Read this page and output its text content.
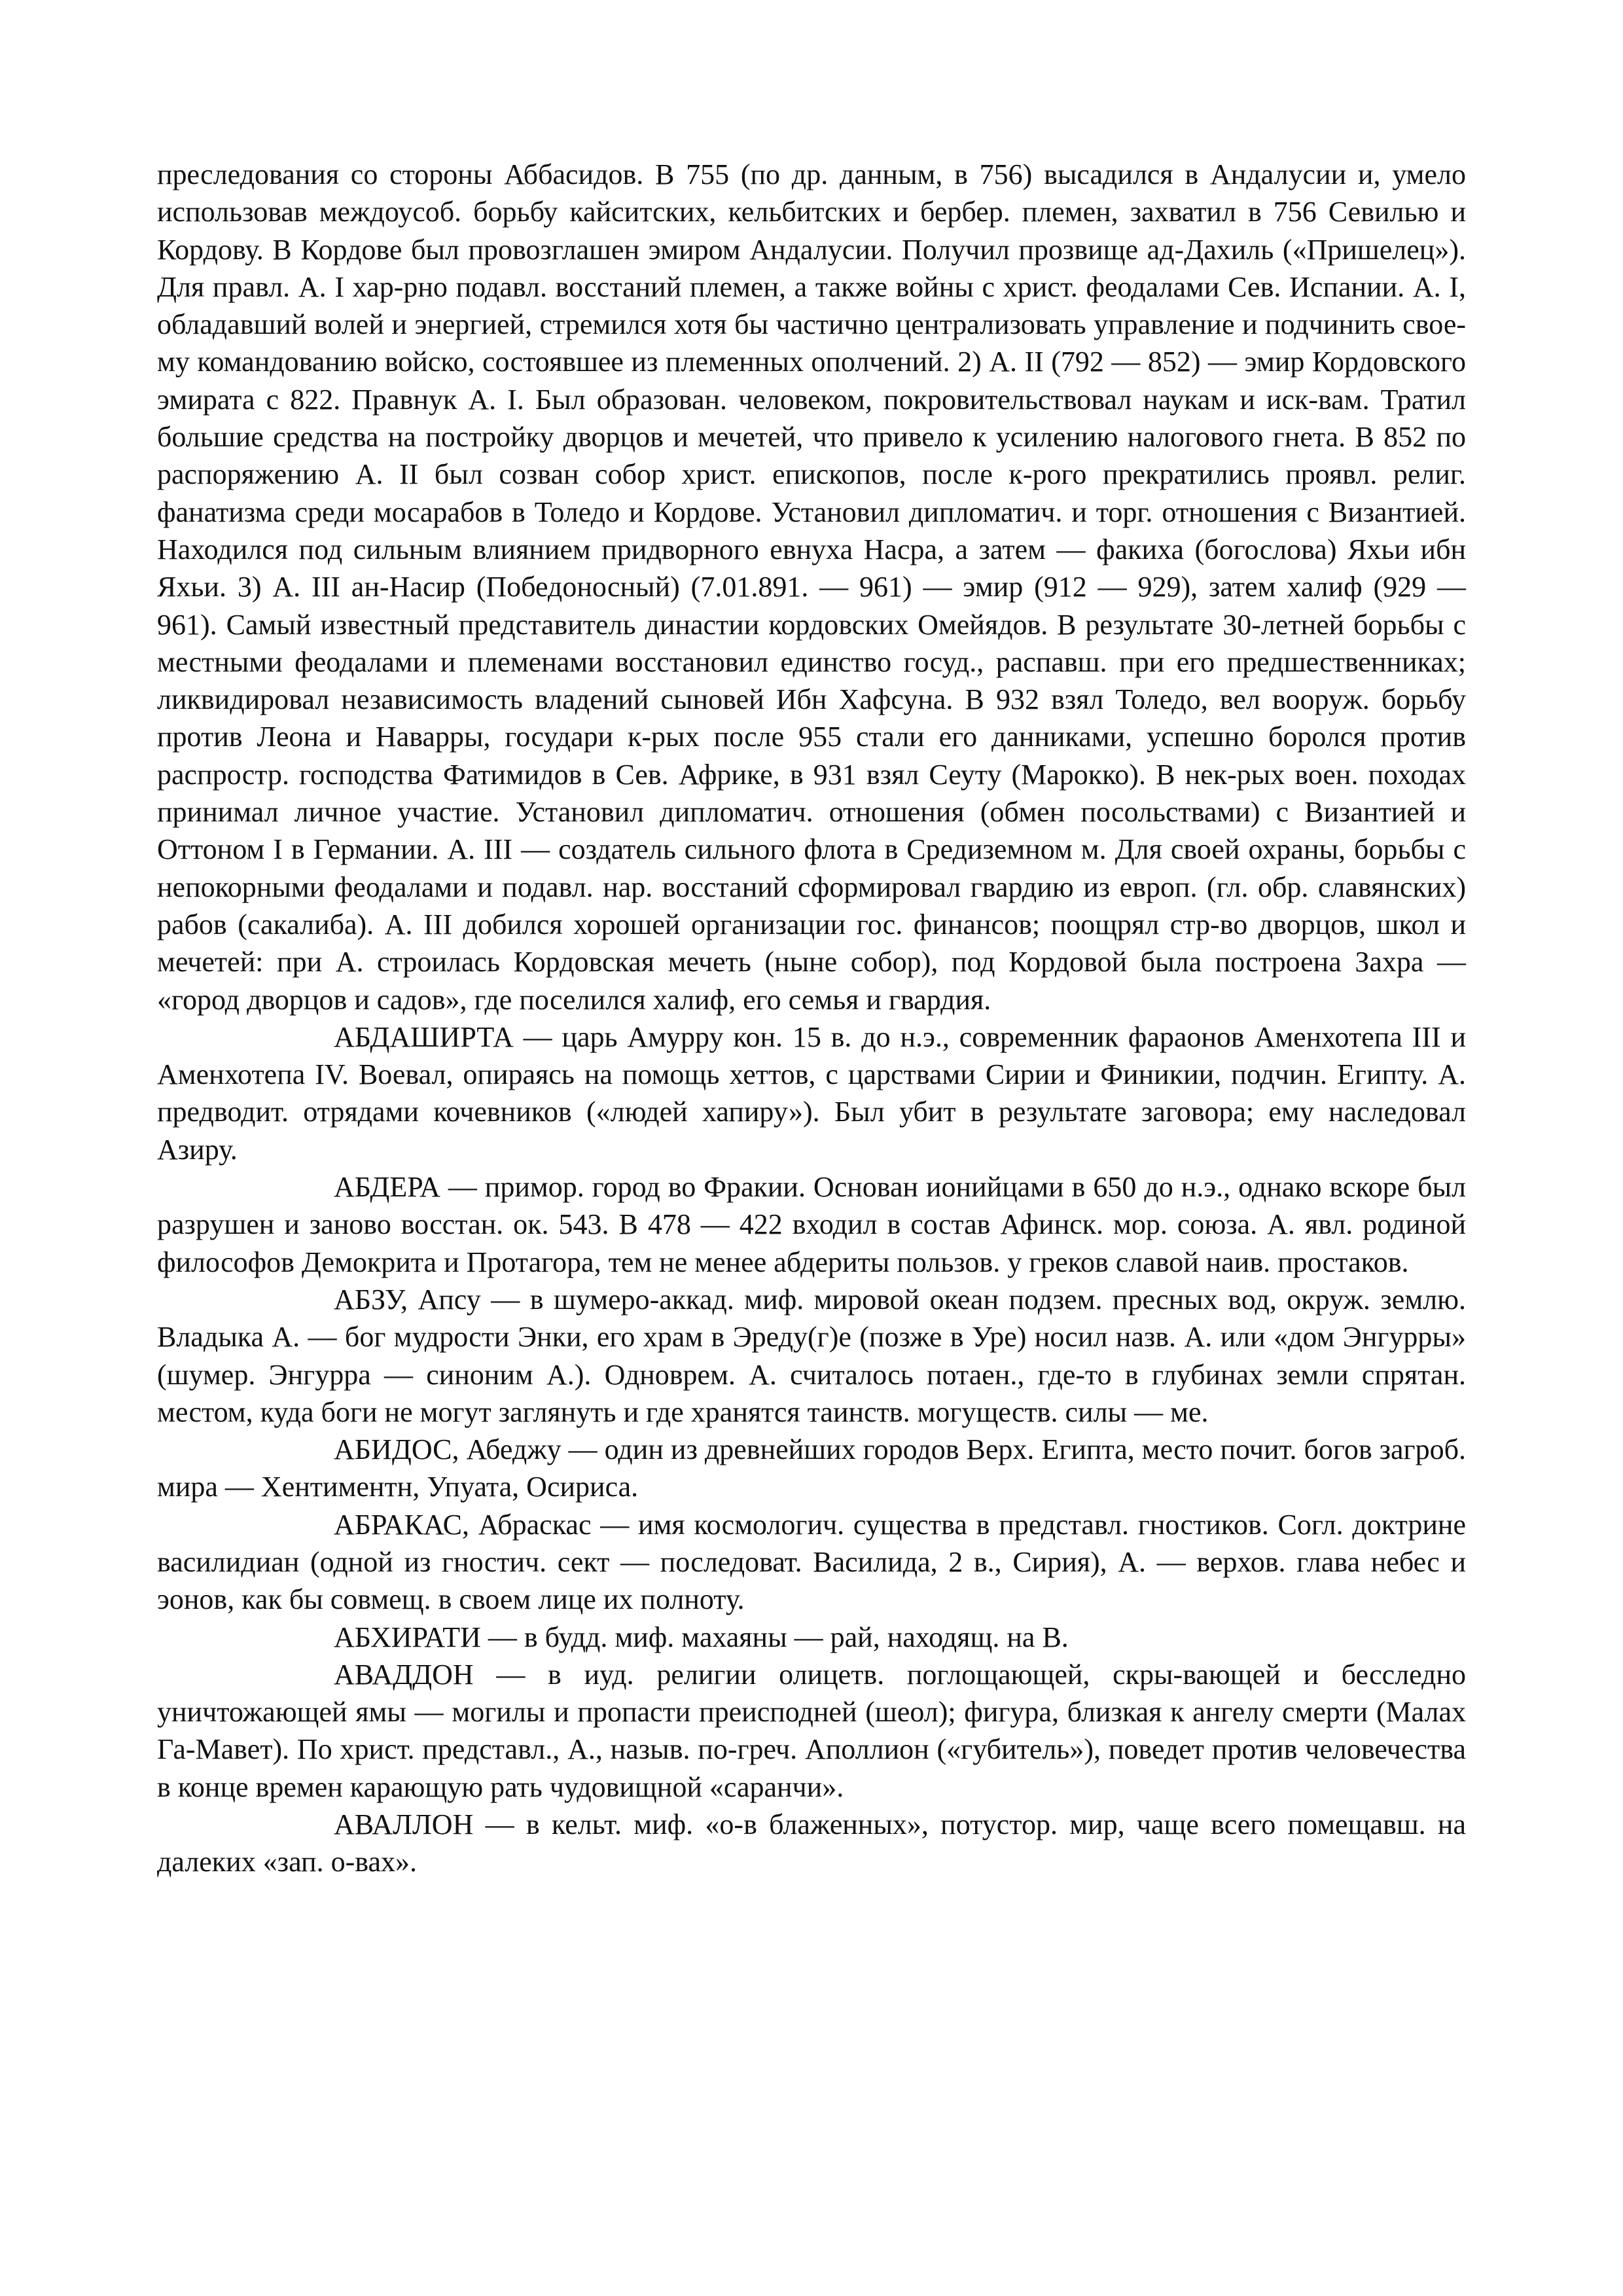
преследования со стороны Аббасидов. В 755 (по др. данным, в 756) высадился в Андалусии и, умело использовав междоусоб. борьбу кайситских, кельбитских и бербер. племен, захватил в 756 Севилью и Кордову. В Кордове был провозглашен эмиром Андалусии. Получил прозвище ад-Дахиль («Пришелец»). Для правл. А. I хар-рно подавл. восстаний племен, а также войны с христ. феодалами Сев. Испании. А. I, обладавший волей и энергией, стремился хотя бы частично централизовать управление и подчинить свое-му командованию войско, состоявшее из племенных ополчений. 2) А. II (792 — 852) — эмир Кордовского эмирата с 822. Правнук А. I. Был образован. человеком, покровительствовал наукам и иск-вам. Тратил большие средства на постройку дворцов и мечетей, что привело к усилению налогового гнета. В 852 по распоряжению А. II был созван собор христ. епископов, после к-рого прекратились проявл. религ. фанатизма среди мосарабов в Толедо и Кордове. Установил дипломатич. и торг. отношения с Византией. Находился под сильным влиянием придворного евнуха Насра, а затем — факиха (богослова) Яхьи ибн Яхьи. 3) А. III ан-Насир (Победоносный) (7.01.891. — 961) — эмир (912 — 929), затем халиф (929 — 961). Самый известный представитель династии кордовских Омейядов. В результате 30-летней борьбы с местными феодалами и племенами восстановил единство госуд., распавш. при его предшественниках; ликвидировал независимость владений сыновей Ибн Хафсуна. В 932 взял Толедо, вел вооруж. борьбу против Леона и Наварры, государи к-рых после 955 стали его данниками, успешно боролся против распростр. господства Фатимидов в Сев. Африке, в 931 взял Сеуту (Марокко). В нек-рых воен. походах принимал личное участие. Установил дипломатич. отношения (обмен посольствами) с Византией и Оттоном I в Германии. А. III — создатель сильного флота в Средиземном м. Для своей охраны, борьбы с непокорными феодалами и подавл. нар. восстаний сформировал гвардию из европ. (гл. обр. славянских) рабов (сакалиба). А. III добился хорошей организации гос. финансов; поощрял стр-во дворцов, школ и мечетей: при А. строилась Кордовская мечеть (ныне собор), под Кордовой была построена Захра — «город дворцов и садов», где поселился халиф, его семья и гвардия.

АБДАШИРТА — царь Амурру кон. 15 в. до н.э., современник фараонов Аменхотепа III и Аменхотепа IV. Воевал, опираясь на помощь хеттов, с царствами Сирии и Финикии, подчин. Египту. А. предводит. отрядами кочевников («людей хапиру»). Был убит в результате заговора; ему наследовал Азиру.

АБДЕРА — примор. город во Фракии. Основан ионийцами в 650 до н.э., однако вскоре был разрушен и заново восстан. ок. 543. В 478 — 422 входил в состав Афинск. мор. союза. А. явл. родиной философов Демокрита и Протагора, тем не менее абдериты пользов. у греков славой наив. простаков.

АБЗУ, Апсу — в шумеро-аккад. миф. мировой океан подзем. пресных вод, окруж. землю. Владыка А. — бог мудрости Энки, его храм в Эреду(г)е (позже в Уре) носил назв. А. или «дом Энгурры» (шумер. Энгурра — синоним А.). Одноврем. А. считалось потаен., где-то в глубинах земли спрятан. местом, куда боги не могут заглянуть и где хранятся таинств. могуществ. силы — ме.

АБИДОС, Абеджу — один из древнейших городов Верх. Египта, место почит. богов загроб. мира — Хентиментн, Упуата, Осириса.

АБРАКАС, Абраскас — имя космологич. существа в представл. гностиков. Согл. доктрине василидиан (одной из гностич. сект — последоват. Василида, 2 в., Сирия), А. — верхов. глава небес и эонов, как бы совмещ. в своем лице их полноту.

АБХИРАТИ — в будд. миф. махаяны — рай, находящ. на В.

АВАДДОН — в иуд. религии олицетв. поглощающей, скры-вающей и бесследно уничтожающей ямы — могилы и пропасти преисподней (шеол); фигура, близкая к ангелу смерти (Малах Га-Мавет). По христ. представл., А., назыв. по-греч. Аполлион («губитель»), поведет против человечества в конце времен карающую рать чудовищной «саранчи».

АВАЛЛОН — в кельт. миф. «о-в блаженных», потустор. мир, чаще всего помещавш. на далеких «зап. о-вах».
